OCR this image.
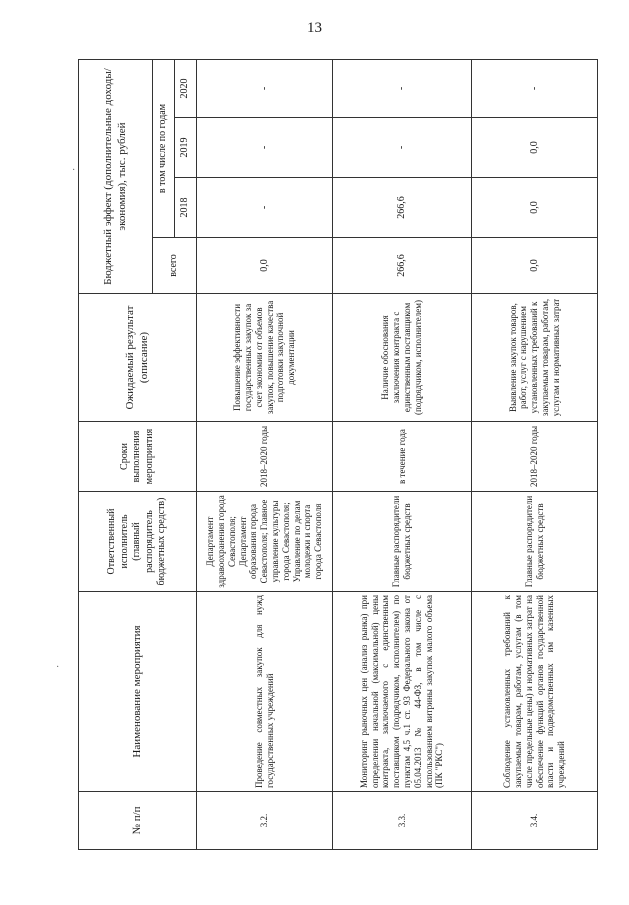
13
·
·
№ п/п	Наименование мероприятия	Ответственный исполнитель (главный распорядитель бюджетных средств)	Сроки выполнения мероприятия	Ожидаемый результат (описание)	Бюджетный эффект (дополнительные доходы/экономия), тыс. рублей			
					всего	в том числе по годам		
						2018	2019	2020
3.2.	Проведение совместных закупок для нужд государственных учреждений	Департамент здравоохранения города Севастополя; Департамент образования города Севастополя; Главное управление культуры города Севастополя; Управление по делам молодежи и спорта города Севастополя	2018–2020 годы	Повышение эффективности государственных закупок за счет экономии от объемов закупок, повышение качества подготовки закупочной документации	0,0	-	-	-
3.3.	Мониторинг рыночных цен (анализ рынка) при определении начальной (максимальной) цены контракта, заключаемого с единственным поставщиком (подрядчиком, исполнителем) по пунктам 4,5 ч.1 ст. 93 Федерального закона от 05.04.2013 № 44-ФЗ, в том числе с использованием витрины закупок малого объема (ПК "РКС")	Главные распорядители бюджетных средств	в течение года	Наличие обоснования заключения контракта с единственным поставщиком (подрядчиком, исполнителем)	266,6	266,6	-	-
3.4.	Соблюдение установленных требований к закупаемым товарам, работам, услугам (в том числе предельные цены) и нормативных затрат на обеспечение функций органов государственной власти и подведомственных им казенных учреждений	Главные распорядители бюджетных средств	2018–2020 годы	Выявление закупок товаров, работ, услуг с нарушением установленных требований к закупаемым товарам, работам, услугам и нормативных затрат	0,0	0,0	0,0	-
